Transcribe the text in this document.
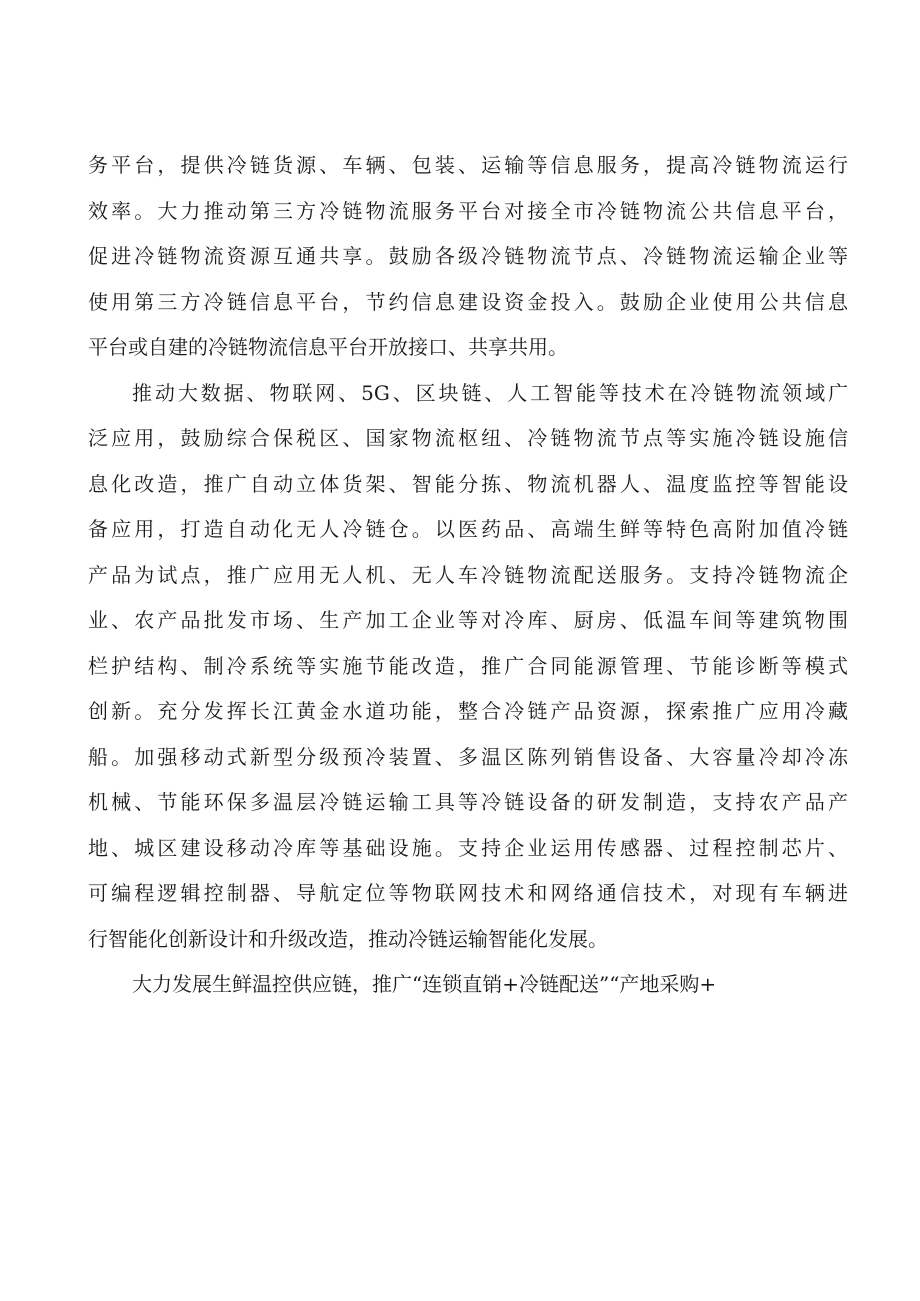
务平台，提供冷链货源、车辆、包装、运输等信息服务，提高冷链物流运行
效率。大力推动第三方冷链物流服务平台对接全市冷链物流公共信息平台，
促进冷链物流资源互通共享。鼓励各级冷链物流节点、冷链物流运输企业等
使用第三方冷链信息平台，节约信息建设资金投入。鼓励企业使用公共信息
平台或自建的冷链物流信息平台开放接口、共享共用。
推动大数据、物联网、5G、区块链、人工智能等技术在冷链物流领域广
泛应用，鼓励综合保税区、国家物流枢纽、冷链物流节点等实施冷链设施信
息化改造，推广自动立体货架、智能分拣、物流机器人、温度监控等智能设
备应用，打造自动化无人冷链仓。以医药品、高端生鲜等特色高附加值冷链
产品为试点，推广应用无人机、无人车冷链物流配送服务。支持冷链物流企
业、农产品批发市场、生产加工企业等对冷库、厨房、低温车间等建筑物围
栏护结构、制冷系统等实施节能改造，推广合同能源管理、节能诊断等模式
创新。充分发挥长江黄金水道功能，整合冷链产品资源，探索推广应用冷藏
船。加强移动式新型分级预冷装置、多温区陈列销售设备、大容量冷却冷冻
机械、节能环保多温层冷链运输工具等冷链设备的研发制造，支持农产品产
地、城区建设移动冷库等基础设施。支持企业运用传感器、过程控制芯片、
可编程逻辑控制器、导航定位等物联网技术和网络通信技术，对现有车辆进
行智能化创新设计和升级改造，推动冷链运输智能化发展。
大力发展生鲜温控供应链，推广“连锁直销+冷链配送”“产地采购+
